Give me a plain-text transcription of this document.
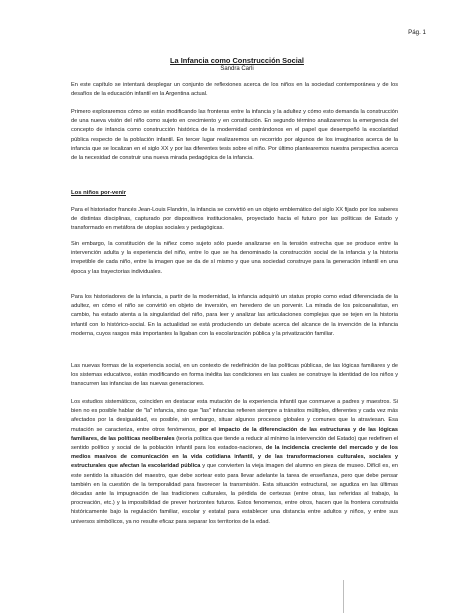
Pág. 1
La Infancia como Construcción Social
Sandra Carli

En este capítulo se intentará desplegar un conjunto de reflexiones acerca de los niños en la sociedad contemporánea y de los desafíos de la educación infantil en la Argentina actual.

Primero exploraremos cómo se están modificando las fronteras entre la infancia y la adultez y cómo esto demanda la construcción de una nueva visión del niño como sujeto en crecimiento y en constitución. En segundo término analizaremos la emergencia del concepto de infancia como construcción histórica de la modernidad centrándonos en el papel que desempeñó la escolaridad pública respecto de la población infantil. En tercer lugar realizaremos un recorrido por algunos de los imaginarios acerca de la infancia que se localizan en el siglo XX y por las diferentes tesis sobre el niño. Por último plantearemos nuestra perspectiva acerca de la necesidad de construir una nueva mirada pedagógica de la infancia.

Los niños por-venir

Para el historiador francés Jean-Louis Flandrin, la infancia se convirtió en un objeto emblemático del siglo XX fijado por los saberes de distintas disciplinas, capturado por dispositivos institucionales, proyectado hacia el futuro por las políticas de Estado y transformado en metáfora de utopías sociales y pedagógicas.

Sin embargo, la constitución de la niñez como sujeto sólo puede analizarse en la tensión estrecha que se produce entre la intervención adulta y la experiencia del niño, entre lo que se ha denominado la construcción social de la infancia y la historia irrepetible de cada niño, entre la imagen que se da de sí mismo y que una sociedad construye para la generación infantil en una época y las trayectorias individuales.

Para los historiadores de la infancia, a partir de la modernidad, la infancia adquirió un status propio como edad diferenciada de la adultez, en cómo el niño se convirtió en objeto de inversión, en heredero de un porvenir. La mirada de los psicoanalistas, en cambio, ha estado atenta a la singularidad del niño, para leer y analizar las articulaciones complejas que se tejen en la historia infantil con lo histórico-social. En la actualidad se está produciendo un debate acerca del alcance de la invención de la infancia moderna, cuyos rasgos más importantes la ligaban con la escolarización pública y la privatización familiar.

Las nuevas formas de la experiencia social, en un contexto de redefinición de las políticas públicas, de las lógicas familiares y de los sistemas educativos, están modificando en forma inédita las condiciones en las cuales se construye la identidad de los niños y transcurren las infancias de las nuevas generaciones.

Los estudios sistemáticos, coinciden en destacar esta mutación de la experiencia infantil que conmueve a padres y maestros. Si bien no es posible hablar de "la" infancia, sino que "las" infancias refieren siempre a tránsitos múltiples, diferentes y cada vez más afectados por la desigualdad, es posible, sin embargo, situar algunos procesos globales y comunes que la atraviesan. Esa mutación se caracteriza, entre otros fenómenos, por el impacto de la diferenciación de las estructuras y de las lógicas familiares, de las políticas neoliberales (teoría política que tiende a reducir al mínimo la intervención del Estado) que redefinen el sentido político y social de la población infantil para los estados-naciones, de la incidencia creciente del mercado y de los medios masivos de comunicación en la vida cotidiana infantil, y de las transformaciones culturales, sociales y estructurales que afectan la escolaridad pública y que convierten la vieja imagen del alumno en pieza de museo. Difícil es, en este sentido la situación del maestro, que debe sortear esto para llevar adelante la tarea de enseñanza, pero que debe pensar también en la cuestión de la temporalidad para favorecer la transmisión. Esta situación estructural, se agudiza en las últimas décadas ante la impugnación de las tradiciones culturales, la pérdida de certezas (entre otras, las referidas al trabajo, la procreación, etc.) y la imposibilidad de prever horizontes futuros. Estos fenomenos, entre otros, hacen que la frontera construida históricamente bajo la regulación familiar, escolar y estatal para establecer una distancia entre adultos y niños, y entre sus universos simbólicos, ya no resulte eficaz para separar los territorios de la edad.
